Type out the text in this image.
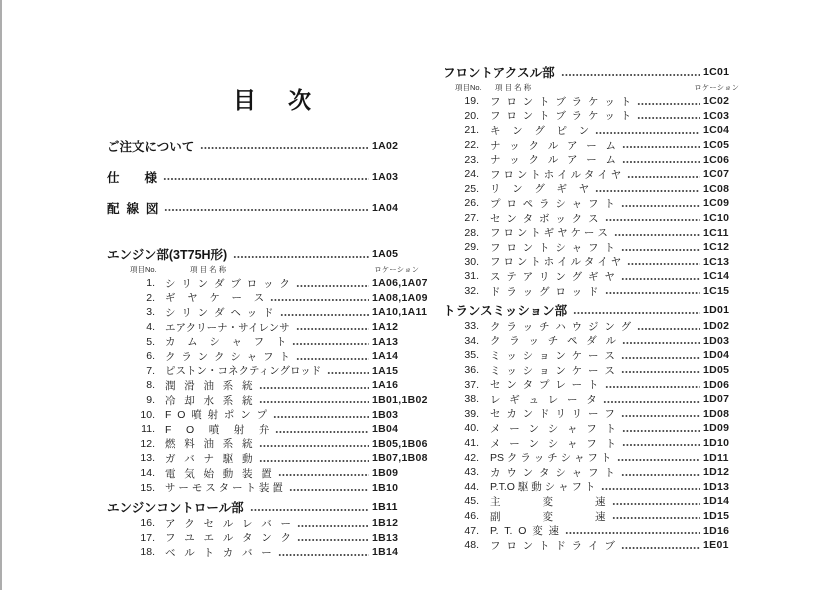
目次
ご注文について	1A02
仕　　様	1A03
配  線  図	1A04
エンジン部(3T75H形)	1A05
項目No.	項 目 名 称	ロケーション
1. シ  リ  ン  ダ  ブ  ロ  ッ  ク	1A06,1A07
2. ギ    ヤ    ケ    ー    ス	1A08,1A09
3. シ  リ  ン  ダ  ヘ  ッ  ド	1A10,1A11
4. エアクリーナ・サイレンサ	1A12
5. カ    ム    シ    ャ    フ    ト	1A13
6. ク  ラ  ン  ク  シ  ャ  フ  ト	1A14
7. ピストン・コネクティングロッド	1A15
8. 潤   滑   油   系   統	1A16
9. 冷   却   水   系   統	1B01,1B02
10. F  O  噴  射  ポ  ン  プ	1B03
11. F     O     噴     射     弁	1B04
12. 燃   料   油   系   統	1B05,1B06
13. ガ   バ   ナ   駆   動	1B07,1B08
14. 電   気   始   動   装   置	1B09
15. サ ー モ ス タ ー ト 装 置	1B10
エンジンコントロール部	1B11
16. ア   ク   セ   ル   レ   バ   ー	1B12
17. フ   ユ   エ   ル   タ   ン   ク	1B13
18. ベ   ル   ト   カ   バ   ー	1B14
フロントアクスル部	1C01
項目No. 項 目 名 称	ロケーション
19. フ  ロ  ン  ト  ブ  ラ  ケ  ッ  ト	1C02
20. フ  ロ  ン  ト  ブ  ラ  ケ  ッ  ト	1C03
21. キ    ン    グ    ピ    ン	1C04
22. ナ   ッ   ク   ル   ア   ー   ム	1C05
23. ナ   ッ   ク   ル   ア   ー   ム	1C06
24. フ ロ ン ト ホ イ ル タ イ ヤ	1C07
25. リ    ン    グ    ギ    ヤ	1C08
26. プ  ロ  ペ  ラ  シ  ャ  フ  ト	1C09
27. セ  ン  タ  ボ  ッ  ク  ス	1C10
28. フ ロ ン ト ギ ヤ ケ ー ス	1C11
29. フ  ロ  ン  ト  シ  ャ  フ  ト	1C12
30. フ ロ ン ト ホ イ ル タ イ ヤ	1C13
31. ス  テ  ア  リ  ン  グ  ギ  ヤ	1C14
32. ド  ラ  ッ  グ  ロ  ッ  ド	1C15
トランスミッション部	1D01
33. ク  ラ  ッ  チ  ハ  ウ  ジ  ン  グ	1D02
34. ク   ラ   ッ   チ   ペ   ダ   ル	1D03
35. ミ  ッ  シ  ョ  ン  ケ  ー  ス	1D04
36. ミ  ッ  シ  ョ  ン  ケ  ー  ス	1D05
37. セ  ン  タ  プ  レ  ー  ト	1D06
38. レ   ギ   ュ   レ   ー   タ	1D07
39. セ  カ  ン  ド  リ  リ  ー  フ	1D08
40. メ   ー   ン   シ   ャ   フ   ト	1D09
41. メ   ー   ン   シ   ャ   フ   ト	1D10
42. PS ク ラ ッ チ シ ャ フ ト	1D11
43. カ  ウ  ン  タ  シ  ャ  フ  ト	1D12
44. P.T.O 駆 動 シ ャ フ ト	1D13
45. 主　　　　変　　　　速	1D14
46. 副　　　　変　　　　速	1D15
47. P.  T.  O  変  速	1D16
48. フ  ロ  ン  ト  ド  ラ  イ  ブ	1E01
